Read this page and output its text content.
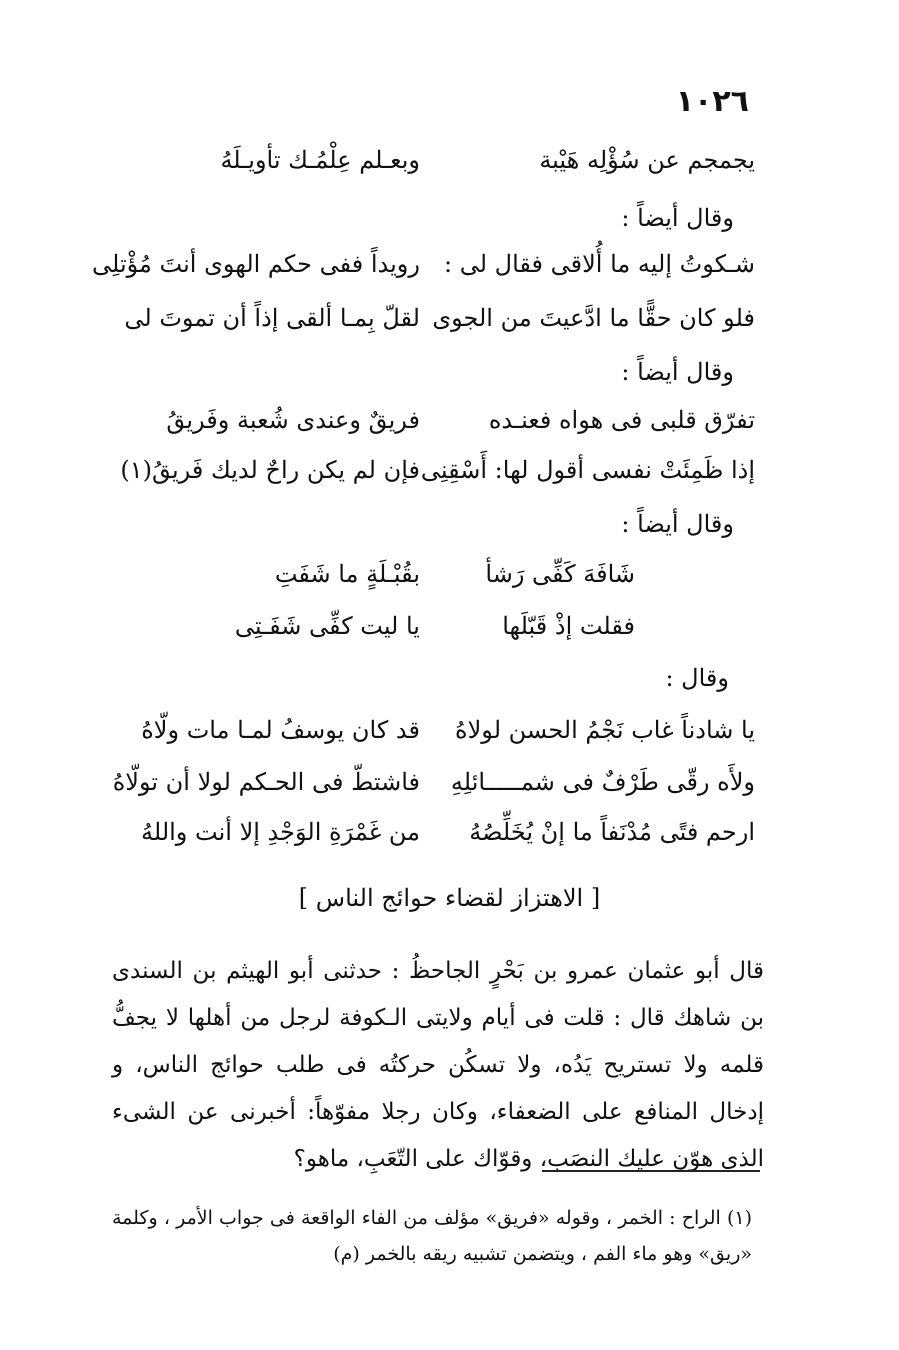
١٠٢٦
يجمجم عن سُؤْلِه هَيْبة
وبعـلم عِلْمُـك تأويـلَهُ
وقال أيضاً :
شـكوتُ إليه ما أُلاقى فقال لى :
رويداً ففى حكم الهوى أنتَ مُؤْتلِى
فلو كان حقًّا ما ادَّعيتَ من الجوى
لقلّ بِمـا ألقى إذاً أن تموتَ لى
وقال أيضاً :
تفرّق قلبى فى هواه فعنـده
فريقٌ وعندى شُعبة وفَريقُ
إذا ظَمِئَتْ نفسى أقول لها: أَسْقِنِى
فإن لم يكن راحٌ لديك فَريقُ(١)
وقال أيضاً :
شَافَهَ كَفِّى رَشأ
بقُبْـلَةٍ ما شَفَتِ
فقلت إذْ قَبّلَها
يا ليت كفِّى شَفَـتِى
وقال :
يا شادناً غاب نَجْمُ الحسن لولاهُ
قد كان يوسفُ لمـا مات ولّاهُ
ولأَه رقّى طَرْفٌ فى شمـــــائلِهِ
فاشتطّ فى الحـكم لولا أن تولّاهُ
ارحم فتًى مُدْنَفاً ما إنْ يُخَلِّصُهُ
من غَمْرَةِ الوَجْدِ إلا أنت واللهُ
[ الاهتزاز لقضاء حوائج الناس ]
قال أبو عثمان عمرو بن بَحْرٍ الجاحظُ : حدثنى أبو الهيثم بن السندى بن شاهك قال : قلت فى أيام ولايتى الـكوفة لرجل من أهلها لا يجفُّ قلمه ولا تستريح يَدُه، ولا تسكُن حركتُه فى طلب حوائج الناس، و إدخال المنافع على الضعفاء، وكان رجلا مفوّهاً: أخبرنى عن الشىء الذى هوّن عليك النصَب، وقوّاك على التّعَبِ، ماهو؟
(١) الراح : الخمر ، وقوله «فريق» مؤلف من الفاء الواقعة فى جواب الأمر ، وكلمة «ريق» وهو ماء الفم ، ويتضمن تشبيه ريقه بالخمر (م)
